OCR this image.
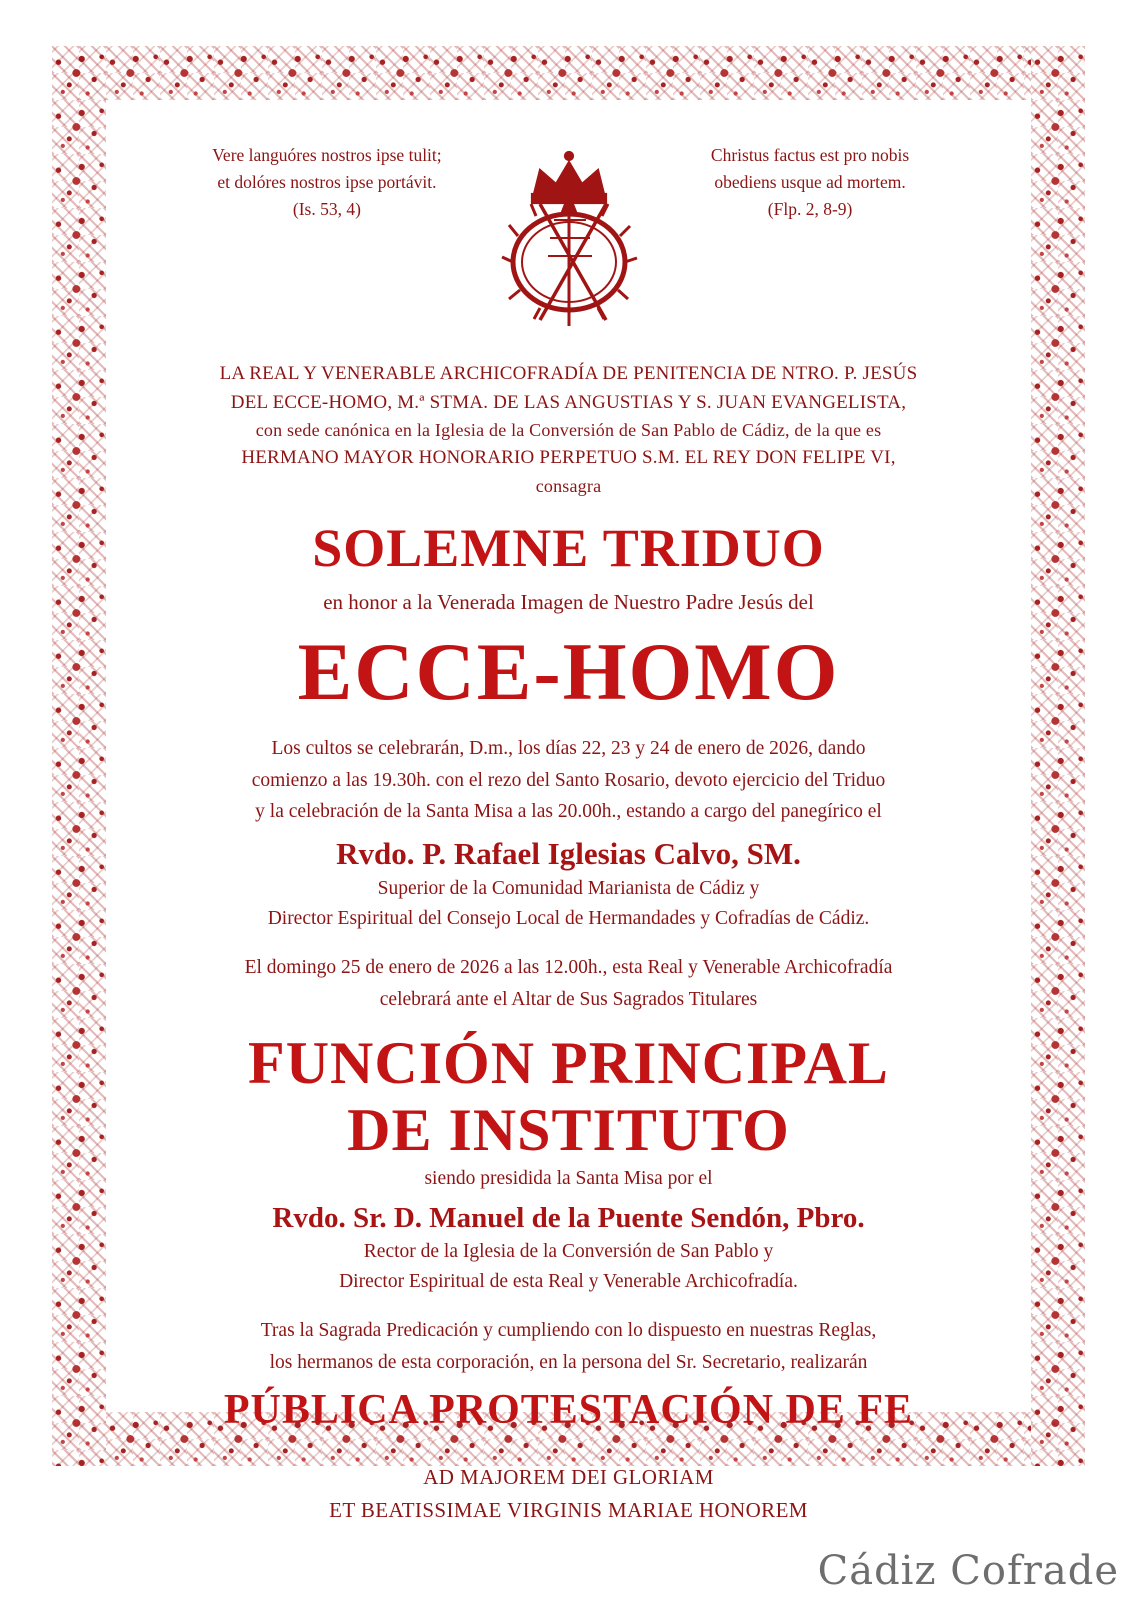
Vere languóres nostros ipse tulit;
et dolóres nostros ipse portávit.
(Is. 53, 4)
Christus factus est pro nobis
obediens usque ad mortem.
(Flp. 2, 8-9)
LA REAL Y VENERABLE ARCHICOFRADÍA DE PENITENCIA DE NTRO. P. JESÚS
DEL ECCE-HOMO, M.ª STMA. DE LAS ANGUSTIAS Y S. JUAN EVANGELISTA,
con sede canónica en la Iglesia de la Conversión de San Pablo de Cádiz, de la que es
HERMANO MAYOR HONORARIO PERPETUO S.M. EL REY DON FELIPE VI,
consagra
SOLEMNE TRIDUO
en honor a la Venerada Imagen de Nuestro Padre Jesús del
ECCE-HOMO
Los cultos se celebrarán, D.m., los días 22, 23 y 24 de enero de 2026, dando
comienzo a las 19.30h. con el rezo del Santo Rosario, devoto ejercicio del Triduo
y la celebración de la Santa Misa a las 20.00h., estando a cargo del panegírico el
Rvdo. P. Rafael Iglesias Calvo, SM.
Superior de la Comunidad Marianista de Cádiz y
Director Espiritual del Consejo Local de Hermandades y Cofradías de Cádiz.
El domingo 25 de enero de 2026 a las 12.00h., esta Real y Venerable Archicofradía
celebrará ante el Altar de Sus Sagrados Titulares
FUNCIÓN PRINCIPAL
DE INSTITUTO
siendo presidida la Santa Misa por el
Rvdo. Sr. D. Manuel de la Puente Sendón, Pbro.
Rector de la Iglesia de la Conversión de San Pablo y
Director Espiritual de esta Real y Venerable Archicofradía.
Tras la Sagrada Predicación y cumpliendo con lo dispuesto en nuestras Reglas,
los hermanos de esta corporación, en la persona del Sr. Secretario, realizarán
PÚBLICA PROTESTACIÓN DE FE
AD MAJOREM DEI GLORIAM
ET BEATISSIMAE VIRGINIS MARIAE HONOREM
Cádiz Cofrade
